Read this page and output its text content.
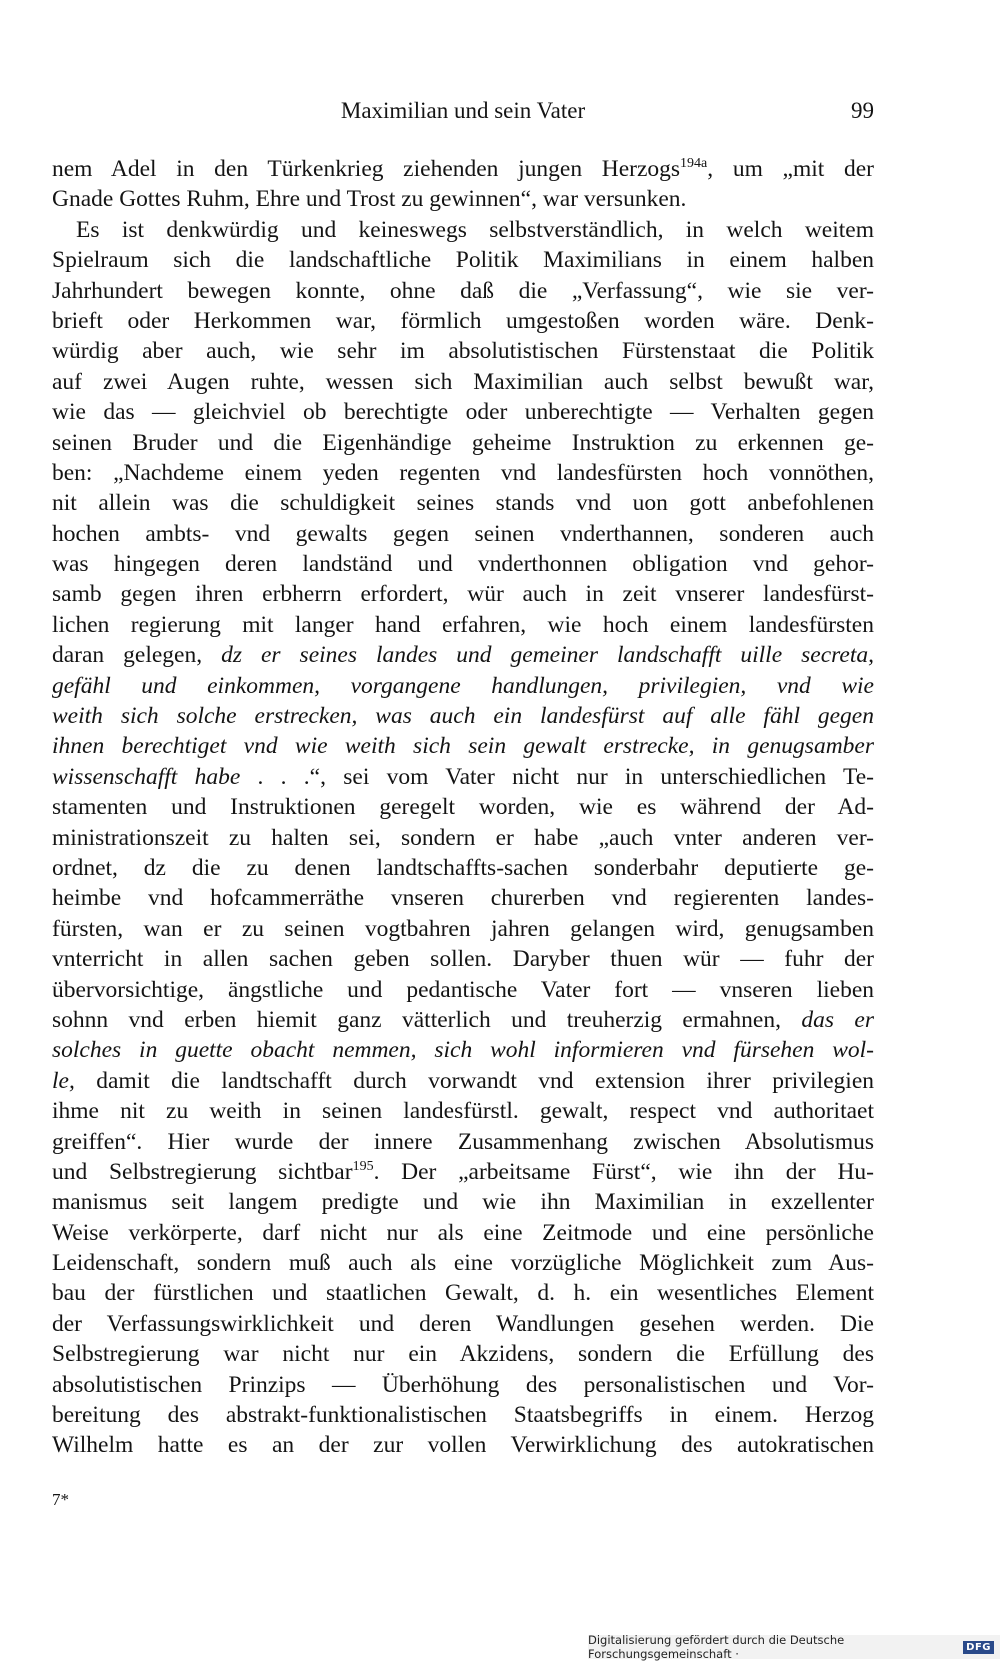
Maximilian und sein Vater	99
nem Adel in den Türkenkrieg ziehenden jungen Herzogs$^{194a}$, um „mit der
Gnade Gottes Ruhm, Ehre und Trost zu gewinnen“, war versunken.
Es ist denkwürdig und keineswegs selbstverständlich, in welch weitem
Spielraum sich die landschaftliche Politik Maximilians in einem halben
Jahrhundert bewegen konnte, ohne daß die „Verfassung“, wie sie ver-
brieft oder Herkommen war, förmlich umgestoßen worden wäre. Denk-
würdig aber auch, wie sehr im absolutistischen Fürstenstaat die Politik
auf zwei Augen ruhte, wessen sich Maximilian auch selbst bewußt war,
wie das — gleichviel ob berechtigte oder unberechtigte — Verhalten gegen
seinen Bruder und die Eigenhändige geheime Instruktion zu erkennen ge-
ben: „Nachdeme einem yeden regenten vnd landesfürsten hoch vonnöthen,
nit allein was die schuldigkeit seines stands vnd uon gott anbefohlenen
hochen ambts- vnd gewalts gegen seinen vnderthannen, sonderen auch
was hingegen deren landständ und vnderthonnen obligation vnd gehor-
samb gegen ihren erbherrn erfordert, wür auch in zeit vnserer landesfürst-
lichen regierung mit langer hand erfahren, wie hoch einem landesfürsten
daran gelegen, dz er seines landes und gemeiner landschafft uille secreta,
gefähl und einkommen, vorgangene handlungen, privilegien, vnd wie
weith sich solche erstrecken, was auch ein landesfürst auf alle fähl gegen
ihnen berechtiget vnd wie weith sich sein gewalt erstrecke, in genugsamber
wissenschafft habe . . .“, sei vom Vater nicht nur in unterschiedlichen Te-
stamenten und Instruktionen geregelt worden, wie es während der Ad-
ministrationszeit zu halten sei, sondern er habe „auch vnter anderen ver-
ordnet, dz die zu denen landtschaffts-sachen sonderbahr deputierte ge-
heimbe vnd hofcammerräthe vnseren churerben vnd regierenten landes-
fürsten, wan er zu seinen vogtbahren jahren gelangen wird, genugsamben
vnterricht in allen sachen geben sollen. Daryber thuen wür — fuhr der
übervorsichtige, ängstliche und pedantische Vater fort — vnseren lieben
sohnn vnd erben hiemit ganz vätterlich und treuherzig ermahnen, das er
solches in guette obacht nemmen, sich wohl informieren vnd fürsehen wol-
le, damit die landtschafft durch vorwandt vnd extension ihrer privilegien
ihme nit zu weith in seinen landesfürstl. gewalt, respect vnd authoritaet
greiffen“. Hier wurde der innere Zusammenhang zwischen Absolutismus
und Selbstregierung sichtbar$^{195}$. Der „arbeitsame Fürst“, wie ihn der Hu-
manismus seit langem predigte und wie ihn Maximilian in exzellenter
Weise verkörperte, darf nicht nur als eine Zeitmode und eine persönliche
Leidenschaft, sondern muß auch als eine vorzügliche Möglichkeit zum Aus-
bau der fürstlichen und staatlichen Gewalt, d. h. ein wesentliches Element
der Verfassungswirklichkeit und deren Wandlungen gesehen werden. Die
Selbstregierung war nicht nur ein Akzidens, sondern die Erfüllung des
absolutistischen Prinzips — Überhöhung des personalistischen und Vor-
bereitung des abstrakt-funktionalistischen Staatsbegriffs in einem. Herzog
Wilhelm hatte es an der zur vollen Verwirklichung des autokratischen
7*
Digitalisierung gefördert durch die Deutsche Forschungsgemeinschaft ·	DFG
